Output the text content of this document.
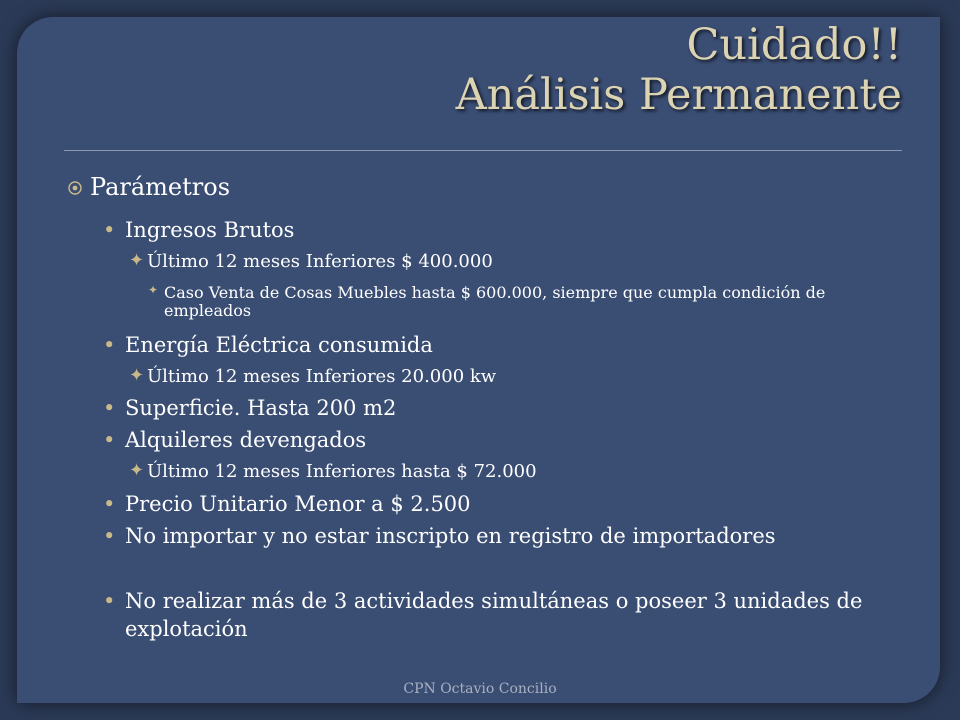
Cuidado!!
Análisis Permanente
Parámetros
• Ingresos Brutos
✦ Último 12 meses Inferiores $ 400.000
✦ Caso Venta de Cosas Muebles hasta $ 600.000, siempre que cumpla condición de empleados
• Energía Eléctrica consumida
✦ Último 12 meses Inferiores 20.000 kw
• Superficie. Hasta 200 m2
• Alquileres devengados
✦ Último 12 meses Inferiores hasta $ 72.000
• Precio Unitario Menor a $ 2.500
• No importar y no estar inscripto en registro de importadores
• No realizar más de 3 actividades simultáneas o poseer 3 unidades de explotación
CPN Octavio Concilio
